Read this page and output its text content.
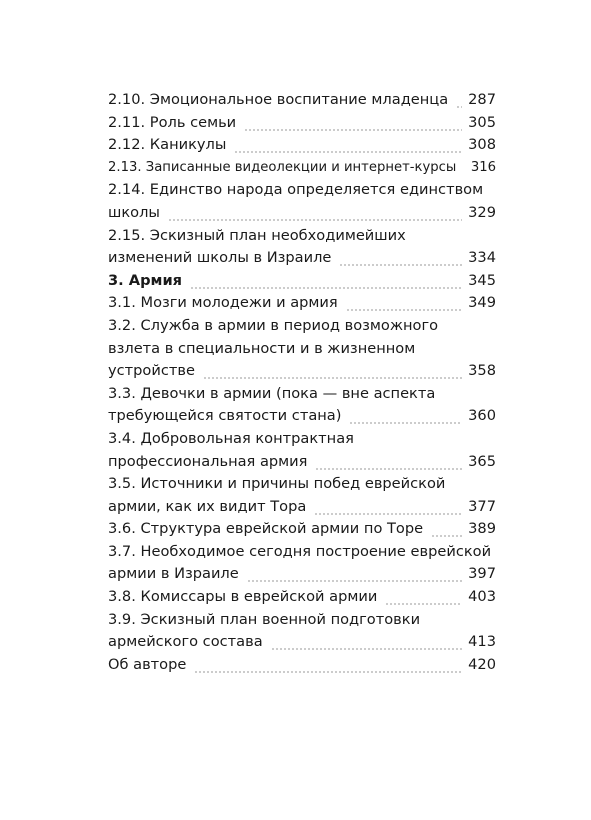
2.10. Эмоциональное воспитание младенца 287
2.11. Роль семьи	305
2.12. Каникулы	308
2.13. Записанные видеолекции и интернет-курсы 316
2.14. Единство народа определяется единством
школы	329
2.15. Эскизный план необходимейших
изменений школы в Израиле	334
3. Армия	345
3.1. Мозги молодежи и армия	349
3.2. Служба в армии в период возможного
взлета в специальности и в жизненном
устройстве	358
3.3. Девочки в армии (пока — вне аспекта
требующейся святости стана)	360
3.4. Добровольная контрактная
профессиональная армия	365
3.5. Источники и причины побед еврейской
армии, как их видит Тора	377
3.6. Структура еврейской армии по Торе	389
3.7. Необходимое сегодня построение еврейской
армии в Израиле	397
3.8. Комиссары в еврейской армии	403
3.9. Эскизный план военной подготовки
армейского состава	413
Об авторе	420
